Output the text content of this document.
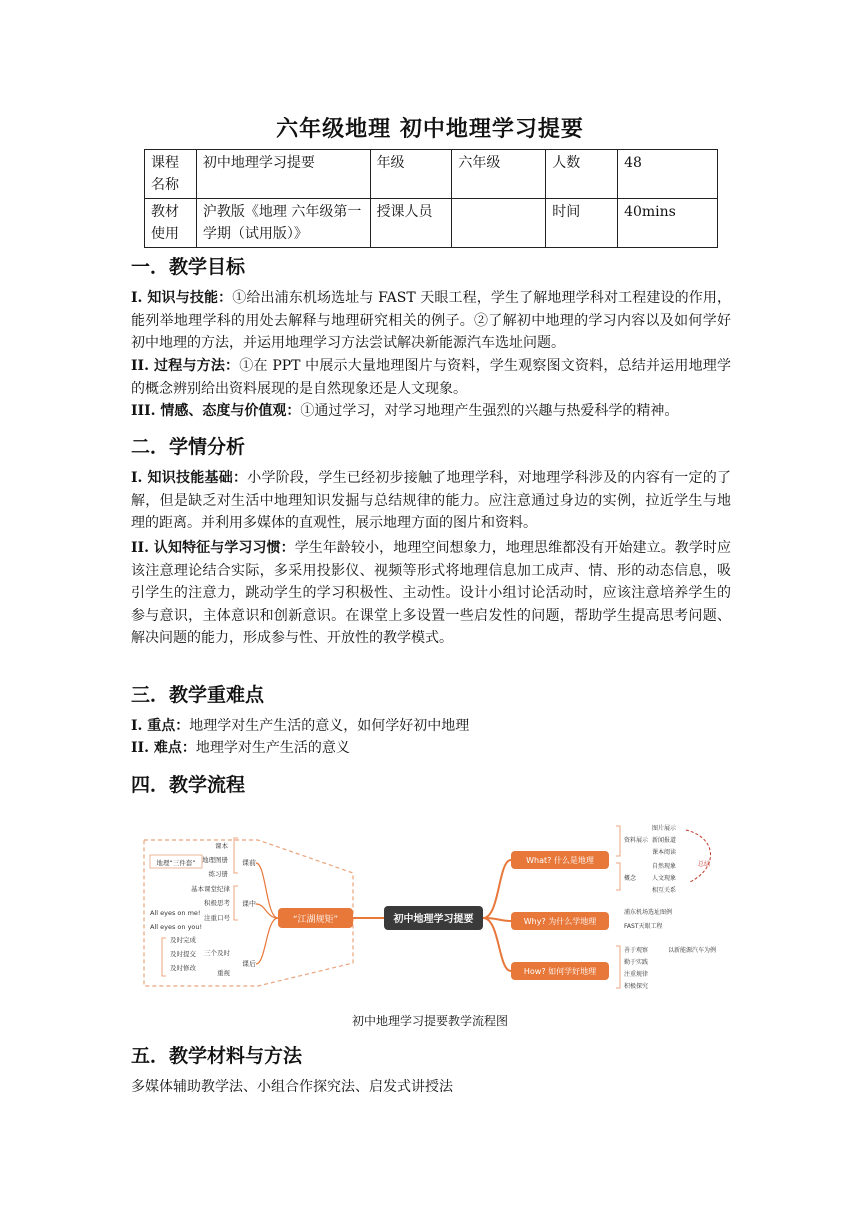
六年级地理 初中地理学习提要
课程名称	初中地理学习提要	年级	六年级	人数	48
教材使用	沪教版《地理 六年级第一学期（试用版）》	授课人员		时间	40mins
一．教学目标
I. 知识与技能：①给出浦东机场选址与 FAST 天眼工程，学生了解地理学科对工程建设的作用，能列举地理学科的用处去解释与地理研究相关的例子。②了解初中地理的学习内容以及如何学好初中地理的方法，并运用地理学习方法尝试解决新能源汽车选址问题。
II. 过程与方法：①在 PPT 中展示大量地理图片与资料，学生观察图文资料，总结并运用地理学的概念辨别给出资料展现的是自然现象还是人文现象。
III. 情感、态度与价值观：①通过学习，对学习地理产生强烈的兴趣与热爱科学的精神。
二．学情分析
I. 知识技能基础：小学阶段，学生已经初步接触了地理学科，对地理学科涉及的内容有一定的了解，但是缺乏对生活中地理知识发掘与总结规律的能力。应注意通过身边的实例，拉近学生与地理的距离。并利用多媒体的直观性，展示地理方面的图片和资料。
II. 认知特征与学习习惯：学生年龄较小，地理空间想象力，地理思维都没有开始建立。教学时应该注意理论结合实际，多采用投影仪、视频等形式将地理信息加工成声、情、形的动态信息，吸引学生的注意力，跳动学生的学习积极性、主动性。设计小组讨论活动时，应该注意培养学生的参与意识，主体意识和创新意识。在课堂上多设置一些启发性的问题，帮助学生提高思考问题、解决问题的能力，形成参与性、开放性的教学模式。
三．教学重难点
I. 重点：地理学对生产生活的意义，如何学好初中地理
II. 难点：地理学对生产生活的意义
四．教学流程
初中地理学习提要
“江湖规矩”
课前
课中
课后
地理“三件套”
课本
地理图册
练习册
基本课堂纪律
积极思考
注重口号
All eyes on me!
All eyes on you!
三个及时
重视
及时完成
及时提交
及时修改
What? 什么是地理
Why? 为什么学地理
How? 如何学好地理
资料展示
概念
图片展示
新闻报道
课本阅读
自然现象
人文现象
相互关系
总结
浦东机场选址图例
FAST天眼工程
善于观察
勤于实践
注重规律
积极探究
以新能源汽车为例
初中地理学习提要教学流程图
五．教学材料与方法
多媒体辅助教学法、小组合作探究法、启发式讲授法
